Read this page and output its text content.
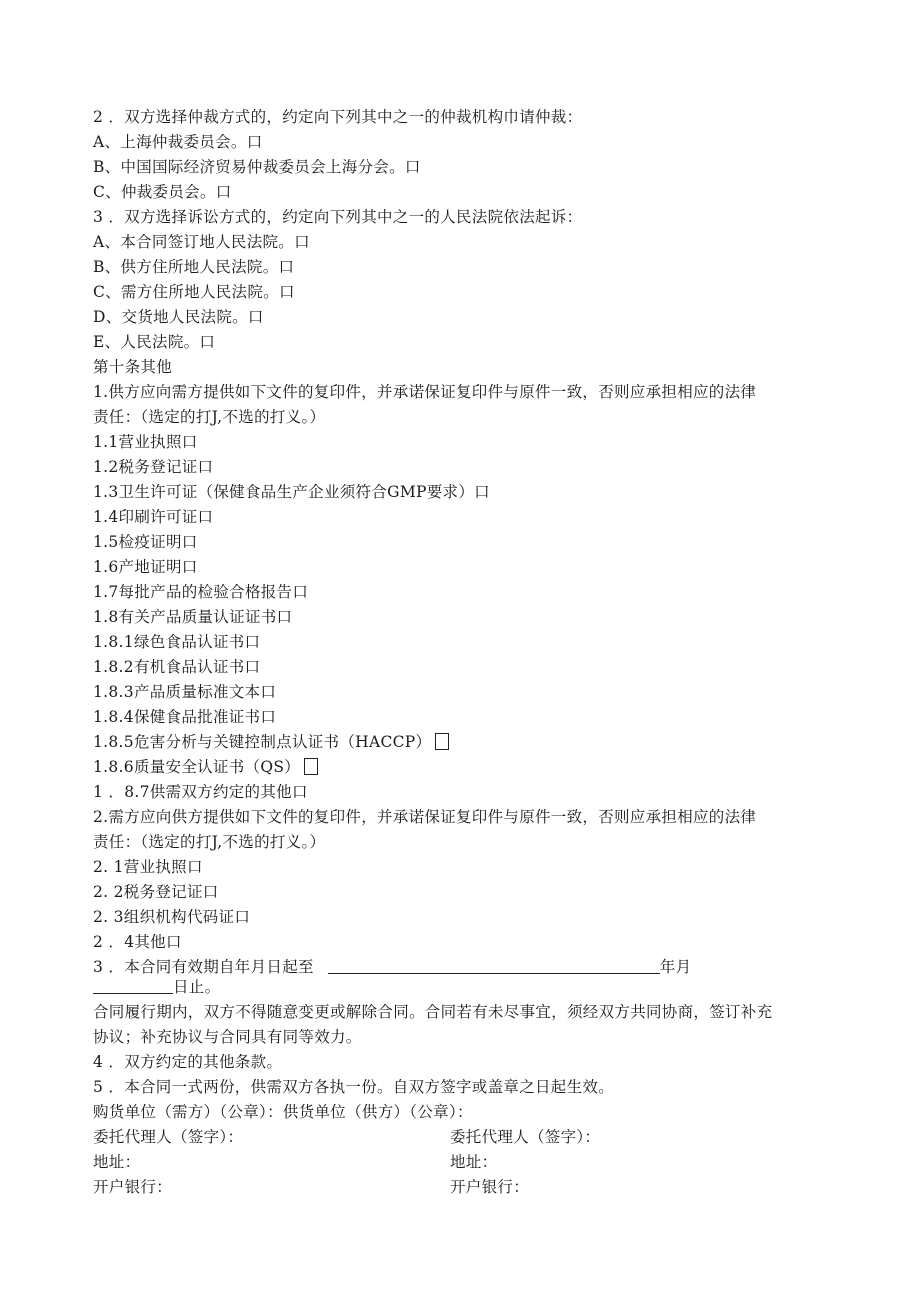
2 ．双方选择仲裁方式的，约定向下列其中之一的仲裁机构巾请仲裁：
A、上海仲裁委员会。口
B、中国国际经济贸易仲裁委员会上海分会。口
C、仲裁委员会。口
3 ．双方选择诉讼方式的，约定向下列其中之一的人民法院依法起诉：
A、本合同签订地人民法院。口
B、供方住所地人民法院。口
C、需方住所地人民法院。口
D、交货地人民法院。口
E、人民法院。口
第十条其他
1.供方应向需方提供如下文件的复印件，并承诺保证复印件与原件一致，否则应承担相应的法律
责任：（选定的打J,不选的打义。）
1.1营业执照口
1.2税务登记证口
1.3卫生许可证（保健食品生产企业须符合GMP要求）口
1.4印刷许可证口
1.5检疫证明口
1.6产地证明口
1.7每批产品的检验合格报告口
1.8有关产品质量认证证书口
1.8.1绿色食品认证书口
1.8.2有机食品认证书口
1.8.3产品质量标准文本口
1.8.4保健食品批准证书口
1.8.5危害分析与关键控制点认证书（HACCP）
1.8.6质量安全认证书（QS）
1 ．8.7供需双方约定的其他口
2.需方应向供方提供如下文件的复印件，并承诺保证复印件与原件一致，否则应承担相应的法律
责任：（选定的打J,不选的打义。）
2. 1营业执照口
2. 2税务登记证口
2. 3组织机构代码证口
2 ．4其他口
3 ．本合同有效期自年月日起至	年月
日止。
合同履行期内，双方不得随意变更或解除合同。合同若有未尽事宜，须经双方共同协商，签订补充
协议；补充协议与合同具有同等效力。
4 ．双方约定的其他条款。
5 ．本合同一式两份，供需双方各执一份。自双方签字或盖章之日起生效。
购货单位（需方）（公章）：供货单位（供方）（公章）：
委托代理人（签字）：	委托代理人（签字）：
地址：	地址：
开户银行：	开户银行：
